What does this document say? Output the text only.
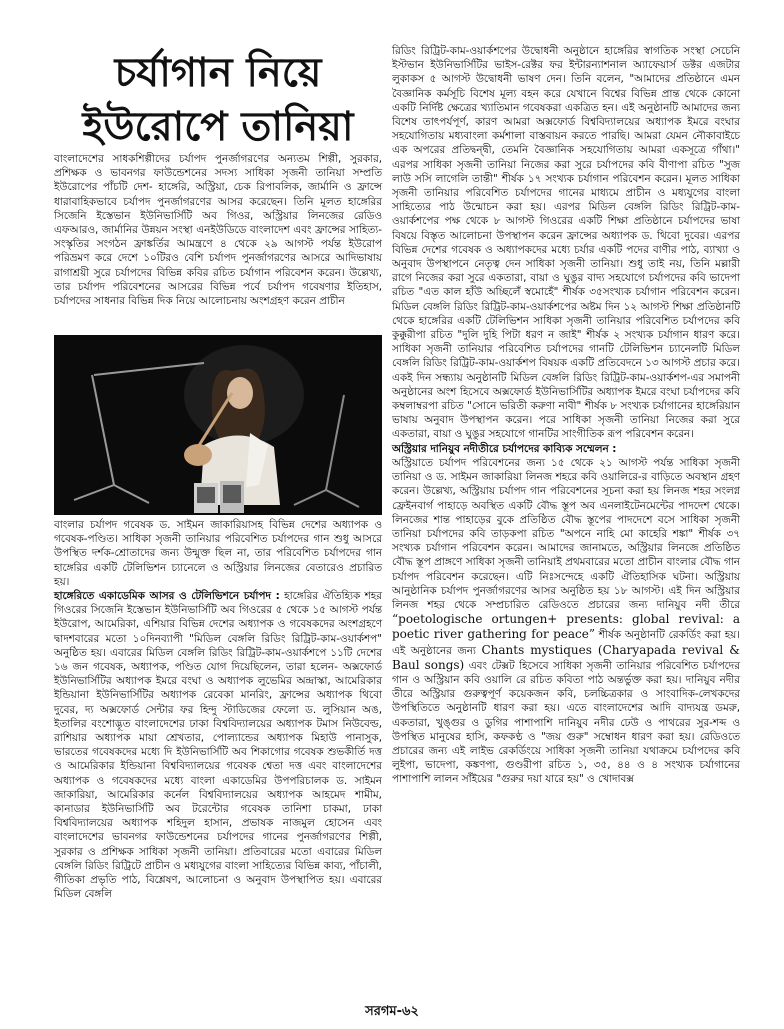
চর্যাগান নিয়ে
ইউরোপে তানিয়া

বাংলাদেশের সাধকশিল্পীদের চর্যাপদ পুনর্জাগরণের অন্যতম শিল্পী, সুরকার, প্রশিক্ষক ও ভাবনগর ফাউন্ডেশনের সদস্য সাধিকা সৃজনী তানিয়া সম্প্রতি ইউরোপের পাঁচটি দেশ- হাঙ্গেরি, অস্ট্রিয়া, চেক রিপাবলিক, জার্মানি ও ফ্রান্সে ধারাবাহিকভাবে চর্যাপদ পুনর্জাগরণের আসর করেছেন। তিনি মূলত হাঙ্গেরির সিজেনি ইস্তেভান ইউনিভার্সিটি অব গিওর, অস্ট্রিয়ার লিনজের রেডিও এফআরও, জার্মানির উন্নয়ন সংস্থা এনইউডিডে বাংলাদেশ এবং ফ্রান্সের সাহিত্য-সংস্কৃতির সংগঠন ফ্রাঙ্কর্তির আমন্ত্রণে ৪ থেকে ২৯ আগস্ট পর্যন্ত ইউরোপ পরিভ্রমণ করে দেশে ১০টিরও বেশি চর্যাপদ পুনর্জাগরণের আসরে আদিভাষায় রাগাশ্রয়ী সুরে চর্যাপদের বিভিন্ন কবির রচিত চর্যাগান পরিবেশন করেন। উল্লেখ্য, তার চর্যাপদ পরিবেশনের আসরের বিভিন্ন পর্বে চর্যাপদ গবেষণার ইতিহাস, চর্যাপদের সাধনার বিভিন্ন দিক নিয়ে আলোচনায় অংশগ্রহণ করেন প্রাচীন

বাংলার চর্যাপদ গবেষক ড. সাইমন জাকারিয়াসহ বিভিন্ন দেশের অধ্যাপক ও গবেষক-পণ্ডিত। সাধিকা সৃজনী তানিয়ার পরিবেশিত চর্যাপদের গান শুধু আসরে উপস্থিত দর্শক-শ্রোতাদের জন্য উন্মুক্ত ছিল না, তার পরিবেশিত চর্যাপদের গান হাঙ্গেরির একটি টেলিভিশন চ্যানেলে ও অস্ট্রিয়ার লিনজের বেতারেও প্রচারিত হয়।

হাঙ্গেরিতে একাডেমিক আসর ও টেলিভিশনে চর্যাপদ : হাঙ্গেরির ঐতিহ্যিক শহর গিওরের সিজেনি ইস্তেভান ইউনিভার্সিটি অব গিওরের ৫ থেকে ১৫ আগস্ট পর্যন্ত ইউরোপ, আমেরিকা, এশিয়ার বিভিন্ন দেশের অধ্যাপক ও গবেষকদের অংশগ্রহণে দ্বাদশবারের মতো ১০দিনব্যাপী "মিডিল বেঙ্গলি রিডিং রিট্রিট-কাম-ওয়ার্কশপ" অনুষ্ঠিত হয়। এবারের মিডিল বেঙ্গলি রিডিং রিট্রিট-কাম-ওয়ার্কশপে ১১টি দেশের ১৬ জন গবেষক, অধ্যাপক, পণ্ডিত যোগ দিয়েছিলেন, তারা হলেন- অক্সফোর্ড ইউনিভার্সিটির অধ্যাপক ইমরে বংঘা ও অধ্যাপক লুভেমির অন্দ্রাস্কা, আমেরিকার ইন্ডিয়ানা ইউনিভার্সিটির অধ্যাপক রেবেকা মানরিং, ফ্রান্সের অধ্যাপক থিবো দুবের, দ্য অক্সফোর্ড সেন্টার ফর হিন্দু স্টাডিজের ফেলো ড. লুসিয়ান অঙ, ইতালির বংশোদ্ভূত বাংলাদেশের ঢাকা বিশ্ববিদ্যালয়ের অধ্যাপক টমাস নিউবেল্ড, রাশিয়ার অধ্যাপক মায়া শ্রেখতার, পোল্যান্ডের অধ্যাপক মিহাউ পানাসুক, ভারতের গবেষকদের মধ্যে দি ইউনিভার্সিটি অব শিকাগোর গবেষক শুভকীর্তি দত্ত ও আমেরিকার ইন্ডিয়ানা বিশ্ববিদ্যালয়ের গবেষক শ্বেতা দত্ত এবং বাংলাদেশের অধ্যাপক ও গবেষকদের মধ্যে বাংলা একাডেমির উপপরিচালক ড. সাইমন জাকারিয়া, আমেরিকার কর্নেল বিশ্ববিদ্যালয়ের অধ্যাপক আহমেদ শামীম, কানাডার ইউনিভার্সিটি অব টরেন্টোর গবেষক তানিশা চাকমা, ঢাকা বিশ্ববিদ্যালয়ের অধ্যাপক শহিদুল হাসান, প্রভাষক নাজমুল হোসেন এবং বাংলাদেশের ভাবনগর ফাউন্ডেশনের চর্যাপদের গানের পুনর্জাগরণের শিল্পী, সুরকার ও প্রশিক্ষক সাধিকা সৃজনী তানিয়া। প্রতিবারের মতো এবারের মিডিল বেঙ্গলি রিডিং রিট্রিটে প্রাচীন ও মধ্যযুগের বাংলা সাহিত্যের বিভিন্ন কাব্য, পাঁচালী, গীতিকা প্রভৃতি পাঠ, বিশ্লেষণ, আলোচনা ও অনুবাদ উপস্থাপিত হয়। এবারের মিডিল বেঙ্গলি

রিডিং রিট্রিট-কাম-ওয়ার্কশপের উদ্বোধনী অনুষ্ঠানে হাঙ্গেরির স্বাগতিক সংস্থা সেচেনি ইস্টভান ইউনিভার্সিটির ভাইস-রেক্টর ফর ইন্টারন্যাশনাল অ্যাফেয়ার্স ডক্টর এজটার লুকাকস ৫ আগস্ট উদ্বোধনী ভাষণ দেন। তিনি বলেন, "আমাদের প্রতিষ্ঠানে এমন বৈজ্ঞানিক কর্মসূচি বিশেষ মূল্য বহন করে যেখানে বিশ্বের বিভিন্ন প্রান্ত থেকে কোনো একটি নির্দিষ্ট ক্ষেত্রের খ্যাতিমান গবেষকরা একত্রিত হন। এই অনুষ্ঠানটি আমাদের জন্য বিশেষ তাৎপর্যপূর্ণ, কারণ আমরা অক্সফোর্ড বিশ্ববিদ্যালয়ের অধ্যাপক ইমরে বংঘার সহযোগিতায় মধ্যবাংলা কর্মশালা বাস্তবায়ন করতে পারছি। আমরা যেমন নৌকাবাইচে এক অপরের প্রতিদ্বন্দ্বী, তেমনি বৈজ্ঞানিক সহযোগিতায় আমরা একসূত্রে গাঁথা।" এরপর সাধিকা সৃজনী তানিয়া নিজের করা সুরে চর্যাপদের কবি বীণাপা রচিত "সুজ লাউ সসি লাগেলি তান্তী" শীর্ষক ১৭ সংখ্যক চর্যাগান পরিবেশন করেন। মূলত সাধিকা সৃজনী তানিয়ার পরিবেশিত চর্যাপদের গানের মাধ্যমে প্রাচীন ও মধ্যযুগের বাংলা সাহিত্যের পাঠ উন্মোচন করা হয়। এরপর মিডিল বেঙ্গলি রিডিং রিট্রিট-কাম-ওয়ার্কশপের পক্ষ থেকে ৮ আগস্ট গিওরের একটি শিক্ষা প্রতিষ্ঠানে চর্যাপদের ভাষা বিষয়ে বিস্তৃত আলোচনা উপস্থাপন করেন ফ্রান্সের অধ্যাপক ড. থিবো দুবের। এরপর বিভিন্ন দেশের গবেষক ও অধ্যাপকদের মধ্যে চর্যার একটি পদের বাণীর পাঠ, ব্যাখ্যা ও অনুবাদ উপস্থাপনে নেতৃত্ব দেন সাধিকা সৃজনী তানিয়া। শুধু তাই নয়, তিনি মল্লারী রাগে নিজের করা সুরে একতারা, বায়া ও ঘুঙুর বাদ্য সহযোগে চর্যাপদের কবি ভাদেপা রচিত "এত কাল হাঁউ অচ্ছিলেঁ স্বমোহেঁ" শীর্ষক ৩৫সংখ্যক চর্যাগান পরিবেশন করেন। মিডিল বেঙ্গলি রিডিং রিট্রিট-কাম-ওয়ার্কশপের অষ্টম দিন ১২ আগস্ট শিক্ষা প্রতিষ্ঠানটি থেকে হাঙ্গেরির একটি টেলিভিশন সাধিকা সৃজনী তানিয়ার পরিবেশিত চর্যাপদের কবি কুক্কুরীপা রচিত "দুলি দুহি পিটা ধরণ ন জাই" শীর্ষক ২ সংখ্যক চর্যাগান ধারণ করে। সাধিকা সৃজনী তানিয়ার পরিবেশিত চর্যাপদের গানটি টেলিভিশন চ্যানেলটি মিডিল বেঙ্গলি রিডিং রিট্রিট-কাম-ওয়ার্কশপ বিষয়ক একটি প্রতিবেদনে ১৩ আগস্ট প্রচার করে। একই দিন সন্ধ্যায় অনুষ্ঠানটি মিডিল বেঙ্গলি রিডিং রিট্রিট-কাম-ওয়ার্কশপ-এর সমাপনী অনুষ্ঠানের অংশ হিসেবে অক্সফোর্ড ইউনিভার্সিটির অধ্যাপক ইমরে বংঘা চর্যাপদের কবি কম্বলাম্বরপা রচিত "সোনে ভরিতী করুণা নাবী" শীর্ষক ৮ সংখ্যক চর্যাগানের হাঙ্গেরিয়ান ভাষায় অনুবাদ উপস্থাপন করেন। পরে সাধিকা সৃজনী তানিয়া নিজের করা সুরে একতারা, বায়া ও ঘুঙুর সহযোগে গানটির সাংগীতিক রূপ পরিবেশন করেন।

অস্ট্রিয়ার দানিয়ুব নদীতীরে চর্যাপদের কাব্যিক সম্মেলন :

অস্ট্রিয়াতে চর্যাপদ পরিবেশনের জন্য ১৫ থেকে ২১ আগস্ট পর্যন্ত সাধিকা সৃজনী তানিয়া ও ড. সাইমন জাকারিয়া লিনজ শহরে কবি ওয়ালিরে-র বাড়িতে অবস্থান গ্রহণ করেন। উল্লেখ্য, অস্ট্রিয়ায় চর্যাপদ গান পরিবেশনের সূচনা করা হয় লিনজ শহর সংলগ্ন ফ্রেইনবার্গ পাহাড়ে অবস্থিত একটি বৌদ্ধ স্তূপ অব এনলাইটেনমেন্টের পাদদেশ থেকে। লিনজের শান্ত পাহাড়ের বুকে প্রতিষ্ঠিত বৌদ্ধ স্তূপের পাদদেশে বসে সাধিকা সৃজনী তানিয়া চর্যাপদের কবি তাড়কপা রচিত "অপনে নাহি মো কাহেরি শঙ্কা" শীর্ষক ৩৭ সংখ্যক চর্যাগান পরিবেশন করেন। আমাদের জানামতে, অস্ট্রিয়ার লিনজে প্রতিষ্ঠিত বৌদ্ধ স্তূপ প্রাঙ্গণে সাধিকা সৃজনী তানিয়াই প্রথমবারের মতো প্রাচীন বাংলার বৌদ্ধ গান চর্যাপদ পরিবেশন করেছেন। এটি নিঃসন্দেহে একটি ঐতিহাসিক ঘটনা। অস্ট্রিয়ায় আনুষ্ঠানিক চর্যাপদ পুনর্জাগরণের আসর অনুষ্ঠিত হয় ১৮ আগস্ট। এই দিন অস্ট্রিয়ার লিনজ শহর থেকে সম্প্রচারিত রেডিওতে প্রচারের জন্য দানিয়ুব নদী তীরে “poetologische ortungen+ presents: global revival: a poetic river gathering for peace” শীর্ষক অনুষ্ঠানটি রেকর্ডিং করা হয়। এই অনুষ্ঠানের জন্য Chants mystiques (Charyapada revival & Baul songs) এবং টেক্সট হিসেবে সাধিকা সৃজনী তানিয়ার পরিবেশিত চর্যাপদের গান ও অস্ট্রিয়ান কবি ওয়ালি রে রচিত কবিতা পাঠ অন্তর্ভুক্ত করা হয়। দানিয়ুব নদীর তীরে অস্ট্রিয়ার গুরুত্বপূর্ণ কয়েকজন কবি, চলচ্চিত্রকার ও সাংবাদিক-লেখকদের উপস্থিতিতে অনুষ্ঠানটি ধারণ করা হয়। এতে বাংলাদেশের আদি বাদ্যযন্ত্র ডমরু, একতারা, খুঙ্গুর ও ডুগির পাশাপাশি দানিয়ুব নদীর ঢেউ ও পাথরের সুর-শব্দ ও উপস্থিত মানুষের হাসি, কফকণ্ঠ ও "জয় গুরু" সম্বোধন ধারণ করা হয়। রেডিওতে প্রচারের জন্য এই লাইভ রেকর্ডিংয়ে সাধিকা সৃজনী তানিয়া যথাক্রমে চর্যাপদের কবি লুইপা, ভাদেপা, কঙ্কণপা, গুণ্ডরীপা রচিত ১, ৩৫, ৪৪ ও ৪ সংখ্যক চর্যাগানের পাশাপাশি লালন সাঁইয়ের "গুরুর দয়া যারে হয়" ও খোদাবক্স

সরগম-৬২
